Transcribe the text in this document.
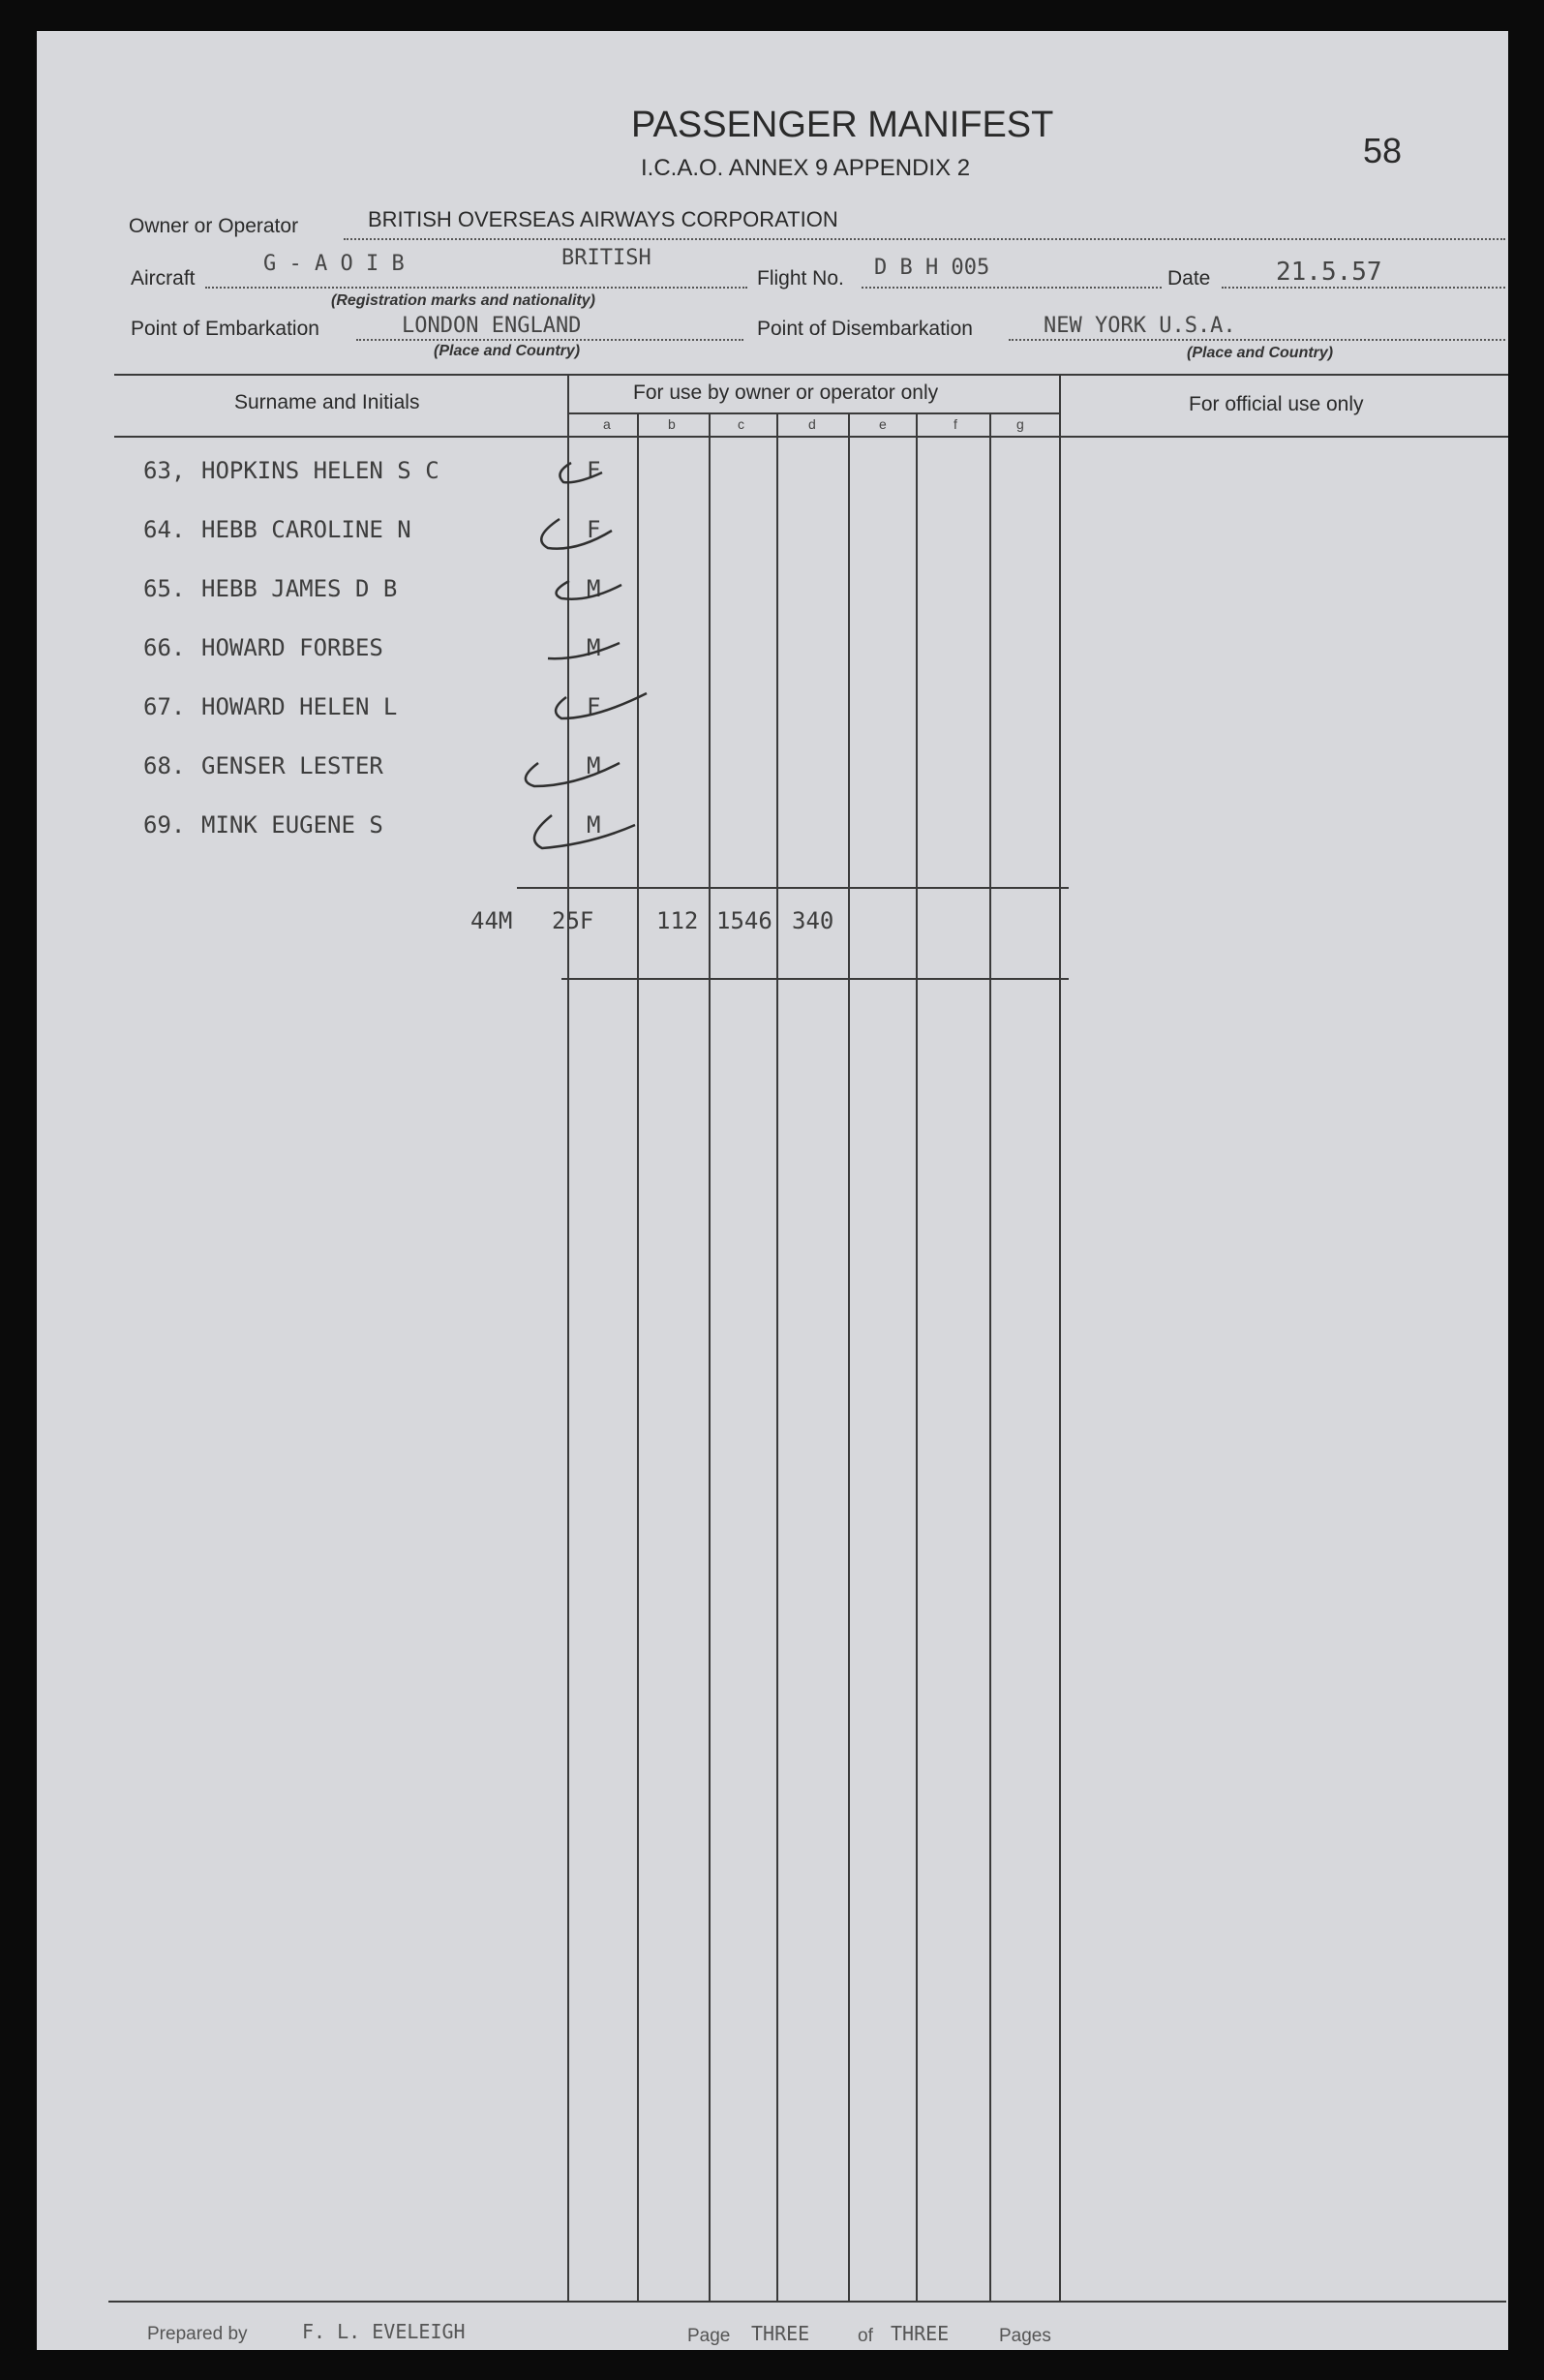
PASSENGER MANIFEST
I.C.A.O. ANNEX 9 APPENDIX 2	58
Owner or Operator	BRITISH OVERSEAS AIRWAYS CORPORATION
Aircraft
G - A O I B	BRITISH
(Registration marks and nationality)
Flight No. D B H 005	Date	21.5.57
Point of Embarkation	LONDON ENGLAND
(Place and Country)
Point of Disembarkation	NEW YORK U.S.A.
(Place and Country)
Surname and Initials	For use by owner or operator only
For official use only
a	b	c	d	e	f	g
63, HOPKINS HELEN S C	F
64. HEBB CAROLINE N	F
65. HEBB JAMES D B	M
66. HOWARD FORBES	M
67. HOWARD HELEN L	F
68. GENSER LESTER	M
69. MINK EUGENE S	M
44M 25F	112 1546 340
Prepared by	F. L. EVELEIGH	Page THREE	of THREE	Pages
